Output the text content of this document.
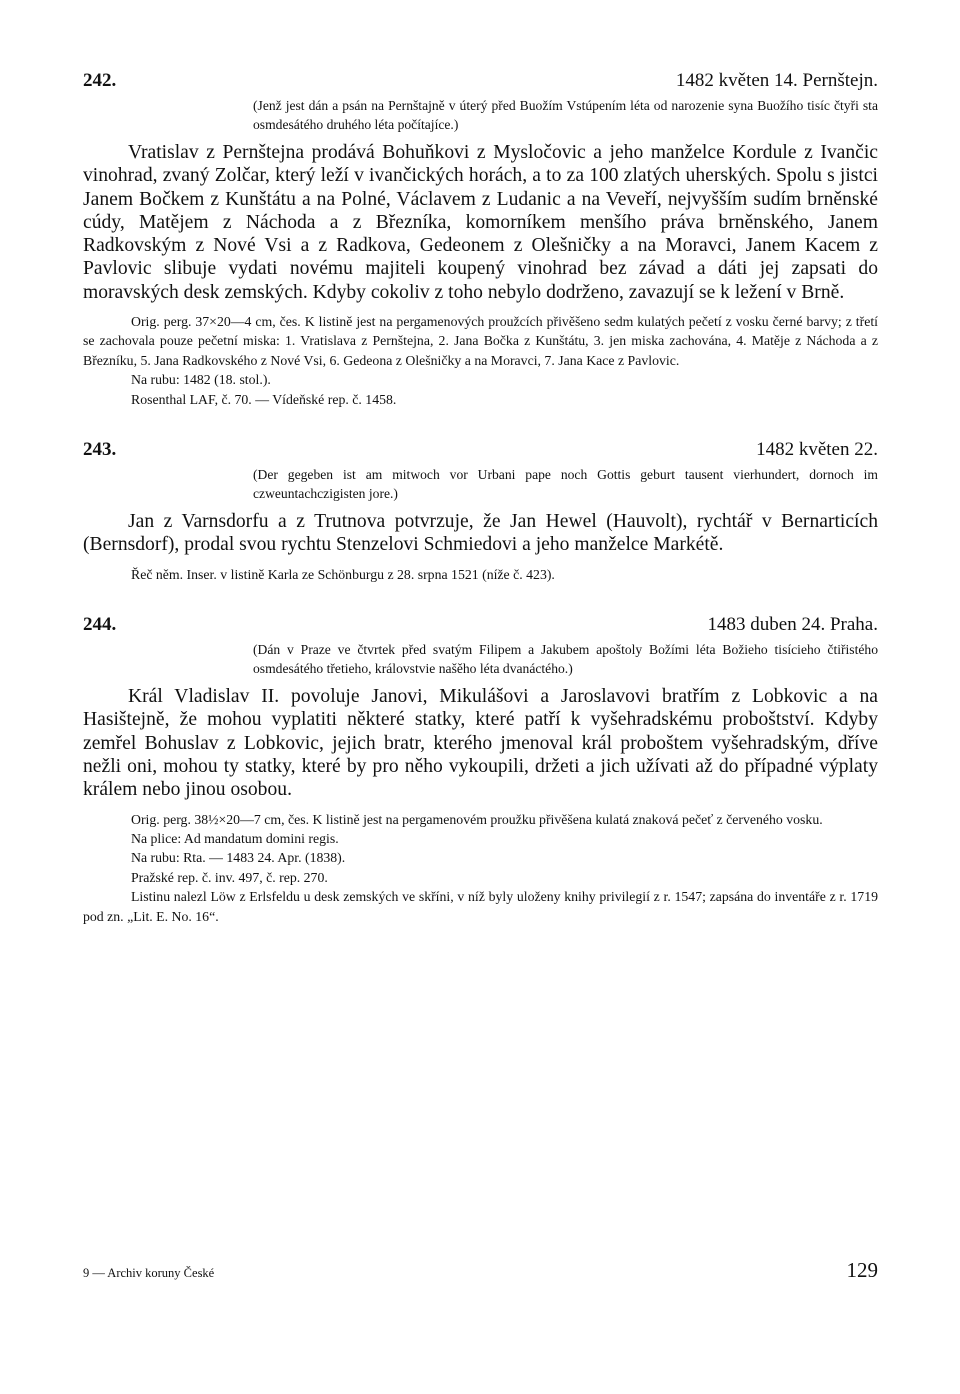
242.	1482 květen 14. Pernštejn.
(Jenž jest dán a psán na Pernštajně v úterý před Buožím Vstúpením léta od narozenie syna Buožího tisíc čtyři sta osmdesátého druhého léta počítajíce.)

Vratislav z Pernštejna prodává Bohuňkovi z Mysločovic a jeho manželce Kordule z Ivančic vinohrad, zvaný Zolčar, který leží v ivančických horách, a to za 100 zlatých uherských. Spolu s jistci Janem Bočkem z Kunštátu a na Polné, Václavem z Ludanic a na Veveří, nejvyšším sudím brněnské cúdy, Matějem z Náchoda a z Březníka, komorníkem menšího práva brněnského, Janem Radkovským z Nové Vsi a z Radkova, Gedeonem z Olešničky a na Moravci, Janem Kacem z Pavlovic slibuje vydati novému majiteli koupený vinohrad bez závad a dáti jej zapsati do moravských desk zemských. Kdyby cokoliv z toho nebylo dodrženo, zavazují se k ležení v Brně.

Orig. perg. 37×20—4 cm, čes. K listině jest na pergamenových proužcích přivěšeno sedm kulatých pečetí z vosku černé barvy; z třetí se zachovala pouze pečetní miska: 1. Vratislava z Pernštejna, 2. Jana Bočka z Kunštátu, 3. jen miska zachována, 4. Matěje z Náchoda a z Březníku, 5. Jana Radkovského z Nové Vsi, 6. Gedeona z Olešničky a na Moravci, 7. Jana Kace z Pavlovic.

Na rubu: 1482 (18. stol.).

Rosenthal LAF, č. 70. — Vídeňské rep. č. 1458.

243.	1482 květen 22.
(Der gegeben ist am mitwoch vor Urbani pape noch Gottis geburt tausent vierhundert, dornoch im czweuntachczigisten jore.)

Jan z Varnsdorfu a z Trutnova potvrzuje, že Jan Hewel (Hauvolt), rychtář v Bernarticích (Bernsdorf), prodal svou rychtu Stenzelovi Schmiedovi a jeho manželce Markétě.

Řeč něm. Inser. v listině Karla ze Schönburgu z 28. srpna 1521 (níže č. 423).

244.	1483 duben 24. Praha.
(Dán v Praze ve čtvrtek před svatým Filipem a Jakubem apoštoly Božími léta Božieho tisícieho čtiřistého osmdesátého třetieho, královstvie našěho léta dvanáctého.)

Král Vladislav II. povoluje Janovi, Mikulášovi a Jaroslavovi bratřím z Lobkovic a na Hasištejně, že mohou vyplatiti některé statky, které patří k vyšehradskému proboštství. Kdyby zemřel Bohuslav z Lobkovic, jejich bratr, kterého jmenoval král proboštem vyšehradským, dříve nežli oni, mohou ty statky, které by pro něho vykoupili, držeti a jich užívati až do případné výplaty králem nebo jinou osobou.

Orig. perg. 38½×20—7 cm, čes. K listině jest na pergamenovém proužku přivěšena kulatá znaková pečeť z červeného vosku.

Na plice: Ad mandatum domini regis.

Na rubu: Rta. — 1483 24. Apr. (1838).

Pražské rep. č. inv. 497, č. rep. 270.

Listinu nalezl Löw z Erlsfeldu u desk zemských ve skříni, v níž byly uloženy knihy privilegií z r. 1547; zapsána do inventáře z r. 1719 pod zn. „Lit. E. No. 16“.

9 — Archiv koruny České	129
